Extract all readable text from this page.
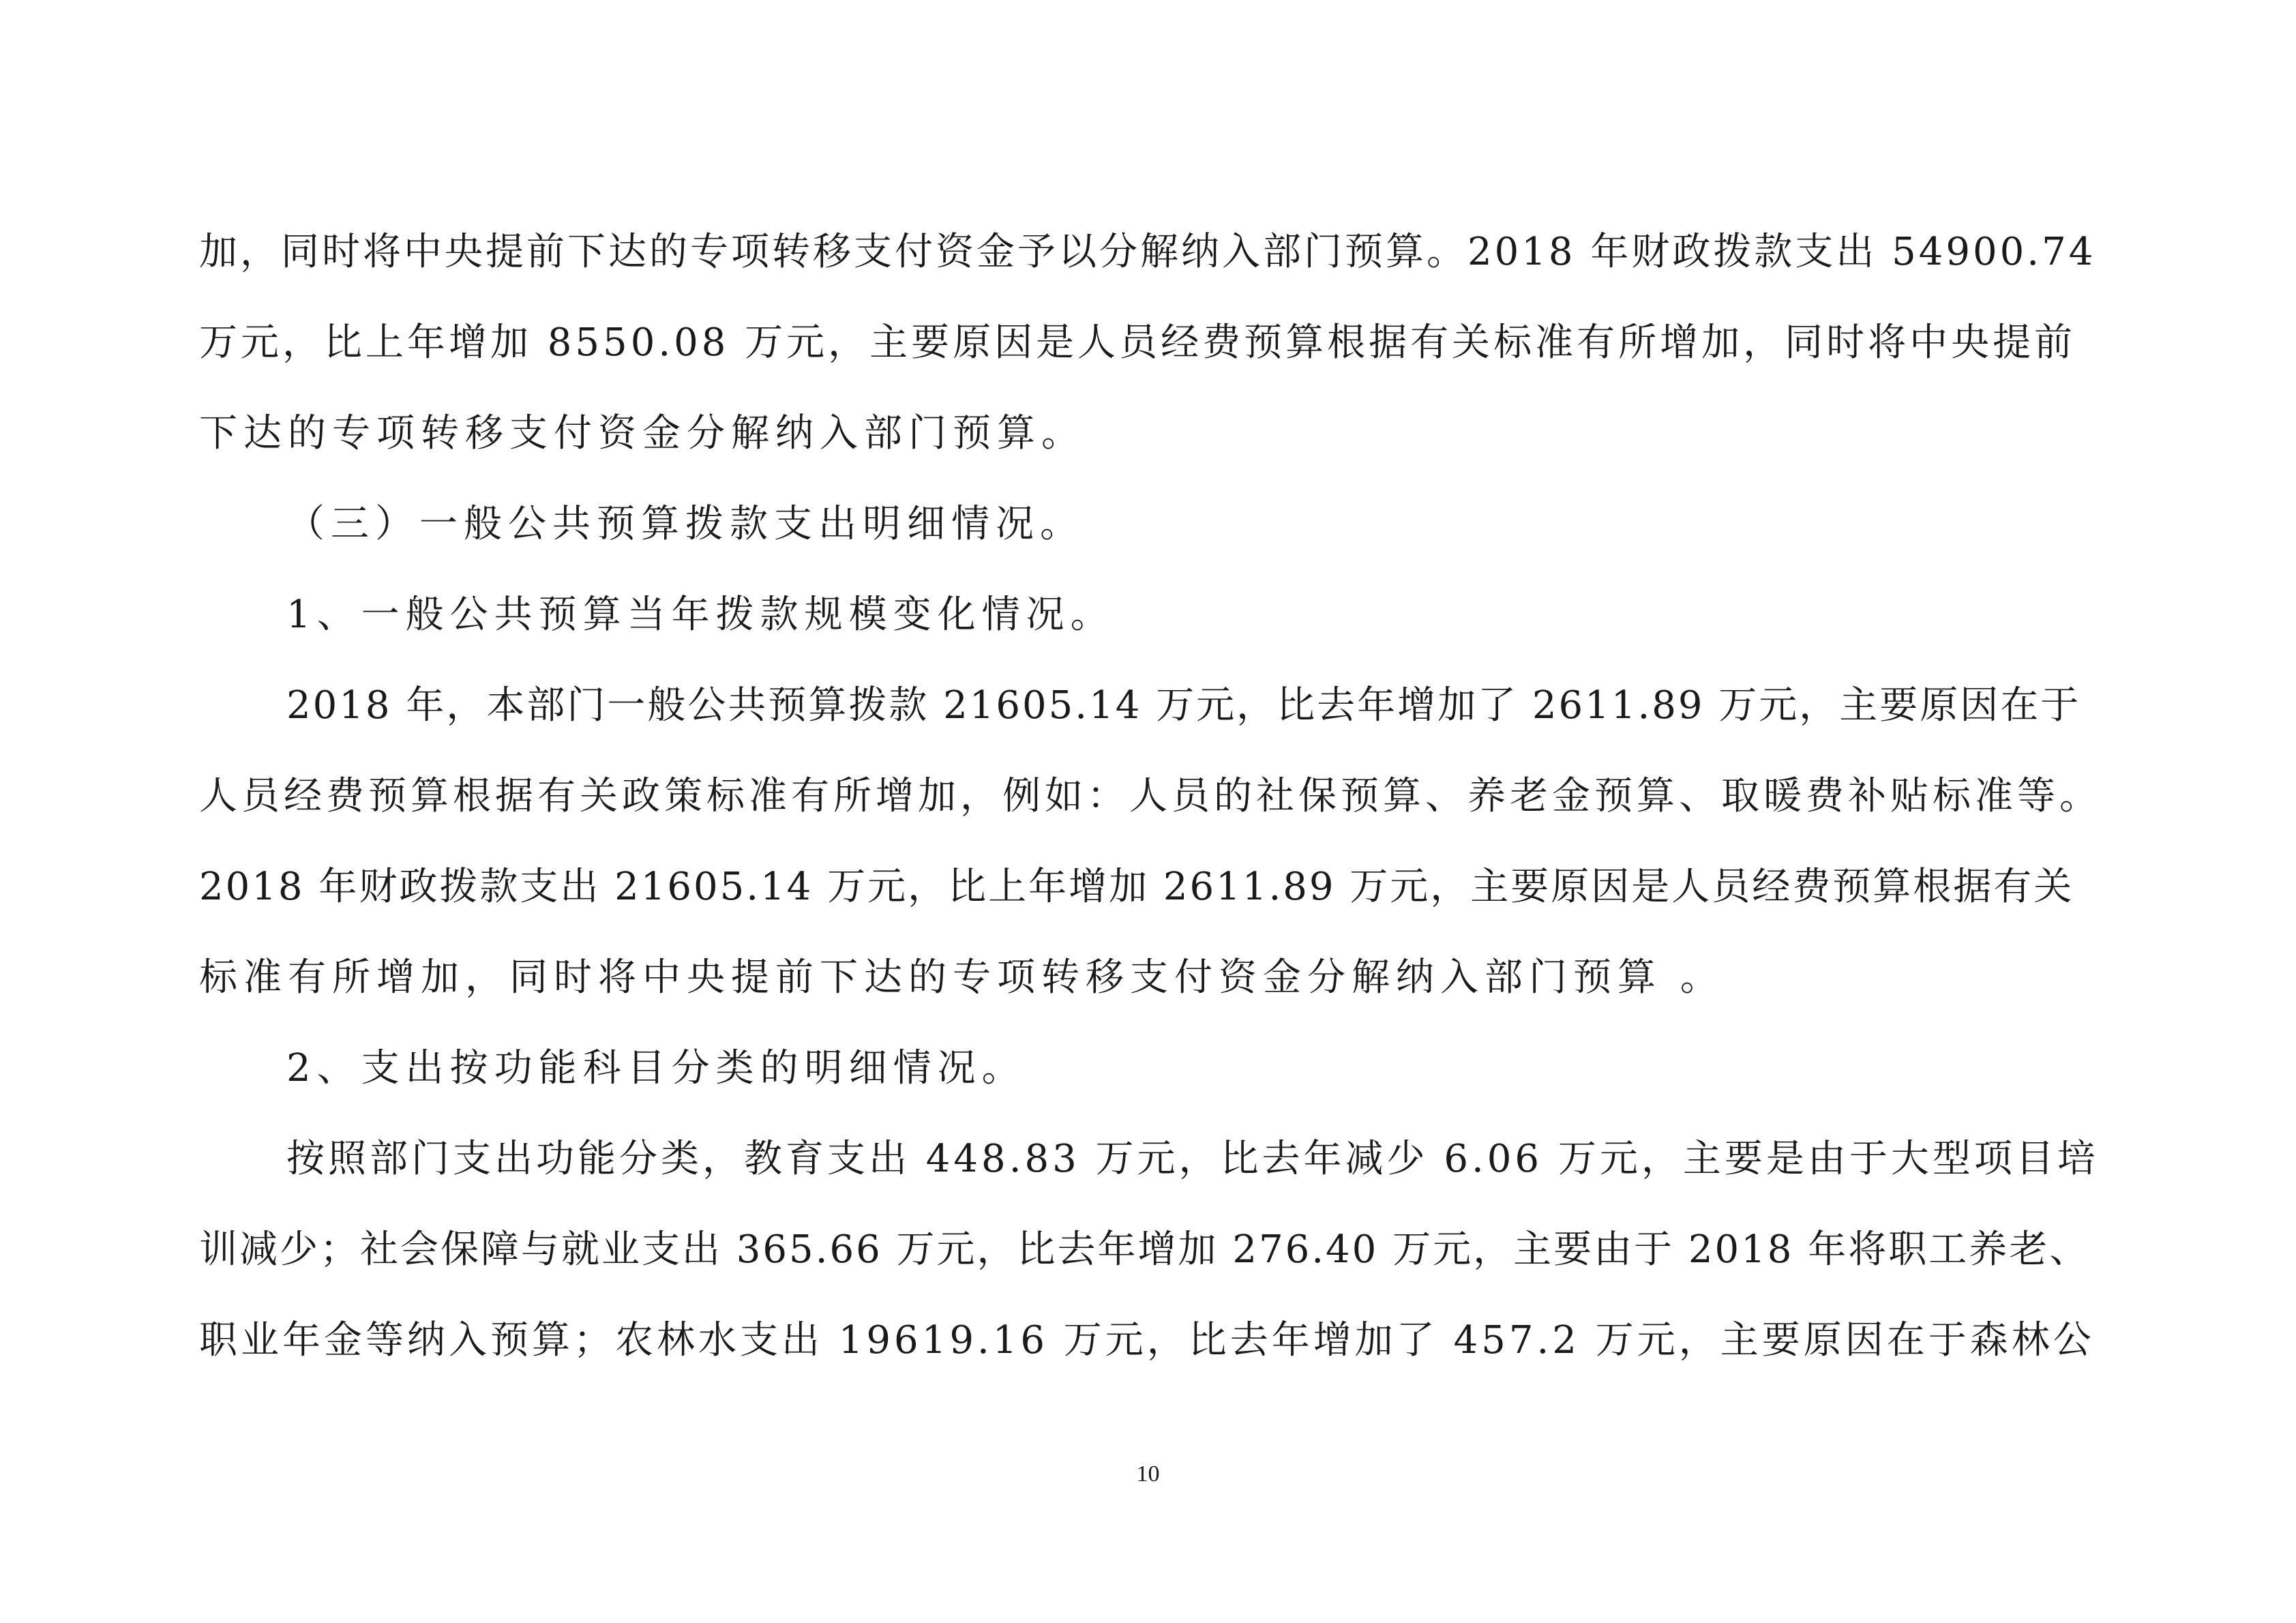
加，同时将中央提前下达的专项转移支付资金予以分解纳入部门预算。2018 年财政拨款支出 54900.74
万元，比上年增加 8550.08 万元，主要原因是人员经费预算根据有关标准有所增加，同时将中央提前
下达的专项转移支付资金分解纳入部门预算。
（三）一般公共预算拨款支出明细情况。
1、一般公共预算当年拨款规模变化情况。
2018 年，本部门一般公共预算拨款 21605.14 万元，比去年增加了 2611.89 万元，主要原因在于
人员经费预算根据有关政策标准有所增加，例如：人员的社保预算、养老金预算、取暖费补贴标准等。
2018 年财政拨款支出 21605.14 万元，比上年增加 2611.89 万元，主要原因是人员经费预算根据有关
标准有所增加，同时将中央提前下达的专项转移支付资金分解纳入部门预算 。
2、支出按功能科目分类的明细情况。
按照部门支出功能分类，教育支出 448.83 万元，比去年减少 6.06 万元，主要是由于大型项目培
训减少；社会保障与就业支出 365.66 万元，比去年增加 276.40 万元，主要由于 2018 年将职工养老、
职业年金等纳入预算；农林水支出 19619.16 万元，比去年增加了 457.2 万元，主要原因在于森林公
10
